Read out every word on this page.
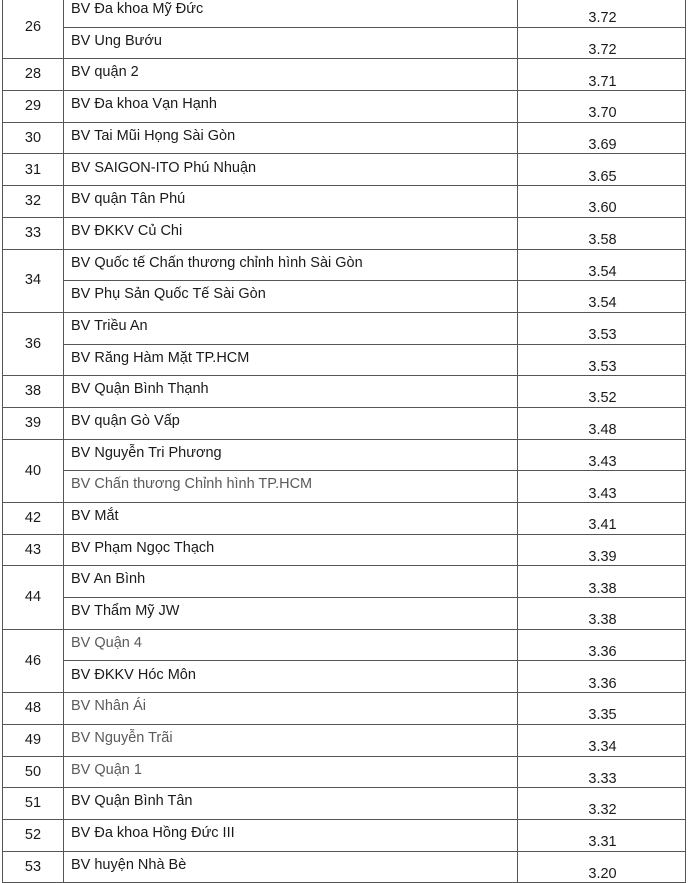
26	BV Đa khoa Mỹ Đức	3.72
	BV Ung Bướu	3.72
28	BV quận 2	3.71
29	BV Đa khoa Vạn Hạnh	3.70
30	BV Tai Mũi Họng Sài Gòn	3.69
31	BV SAIGON-ITO Phú Nhuận	3.65
32	BV quận Tân Phú	3.60
33	BV ĐKKV Củ Chi	3.58
34	BV Quốc tế Chấn thương chỉnh hình Sài Gòn	3.54
	BV Phụ Sản Quốc Tế Sài Gòn	3.54
36	BV Triều An	3.53
	BV Răng Hàm Mặt TP.HCM	3.53
38	BV Quận Bình Thạnh	3.52
39	BV quận Gò Vấp	3.48
40	BV Nguyễn Tri Phương	3.43
	BV Chấn thương Chỉnh hình TP.HCM	3.43
42	BV Mắt	3.41
43	BV Phạm Ngọc Thạch	3.39
44	BV An Bình	3.38
	BV Thẩm Mỹ JW	3.38
46	BV Quận 4	3.36
	BV ĐKKV Hóc Môn	3.36
48	BV Nhân Ái	3.35
49	BV Nguyễn Trãi	3.34
50	BV Quận 1	3.33
51	BV Quận Bình Tân	3.32
52	BV Đa khoa Hồng Đức III	3.31
53	BV huyện Nhà Bè	3.20
